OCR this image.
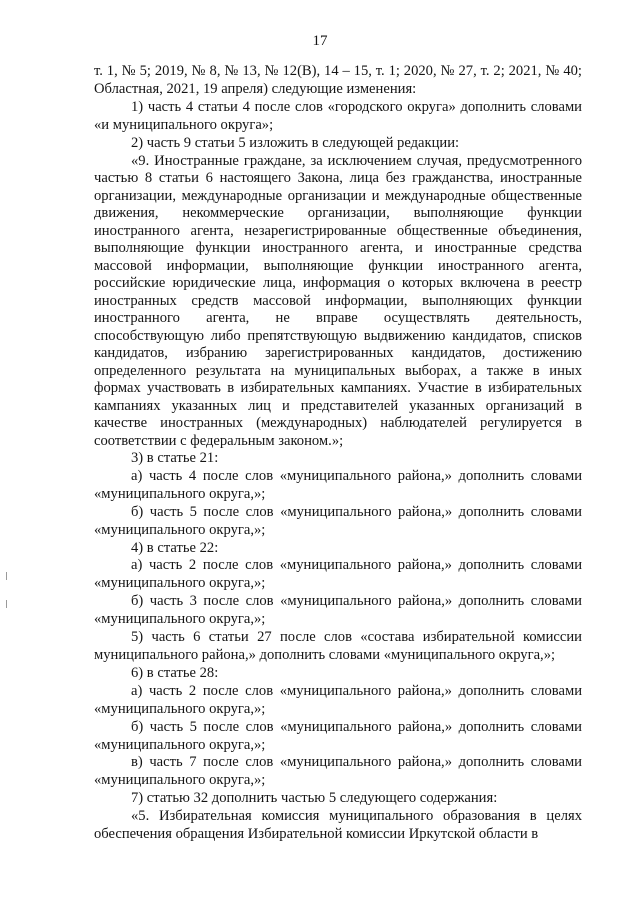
17

т. 1, № 5; 2019, № 8, № 13, № 12(В), 14 – 15, т. 1; 2020, № 27, т. 2; 2021, № 40; Областная, 2021, 19 апреля) следующие изменения:

1) часть 4 статьи 4 после слов «городского округа» дополнить словами «и муниципального округа»;

2) часть 9 статьи 5 изложить в следующей редакции:

«9. Иностранные граждане, за исключением случая, предусмотренного частью 8 статьи 6 настоящего Закона, лица без гражданства, иностранные организации, международные организации и международные общественные движения, некоммерческие организации, выполняющие функции иностранного агента, незарегистрированные общественные объединения, выполняющие функции иностранного агента, и иностранные средства массовой информации, выполняющие функции иностранного агента, российские юридические лица, информация о которых включена в реестр иностранных средств массовой информации, выполняющих функции иностранного агента, не вправе осуществлять деятельность, способствующую либо препятствующую выдвижению кандидатов, списков кандидатов, избранию зарегистрированных кандидатов, достижению определенного результата на муниципальных выборах, а также в иных формах участвовать в избирательных кампаниях. Участие в избирательных кампаниях указанных лиц и представителей указанных организаций в качестве иностранных (международных) наблюдателей регулируется в соответствии с федеральным законом.»;

3) в статье 21:

а) часть 4 после слов «муниципального района,» дополнить словами «муниципального округа,»;

б) часть 5 после слов «муниципального района,» дополнить словами «муниципального округа,»;

4) в статье 22:

а) часть 2 после слов «муниципального района,» дополнить словами «муниципального округа,»;

б) часть 3 после слов «муниципального района,» дополнить словами «муниципального округа,»;

5) часть 6 статьи 27 после слов «состава избирательной комиссии муниципального района,» дополнить словами «муниципального округа,»;

6) в статье 28:

а) часть 2 после слов «муниципального района,» дополнить словами «муниципального округа,»;

б) часть 5 после слов «муниципального района,» дополнить словами «муниципального округа,»;

в) часть 7 после слов «муниципального района,» дополнить словами «муниципального округа,»;

7) статью 32 дополнить частью 5 следующего содержания:

«5. Избирательная комиссия муниципального образования в целях обеспечения обращения Избирательной комиссии Иркутской области в
